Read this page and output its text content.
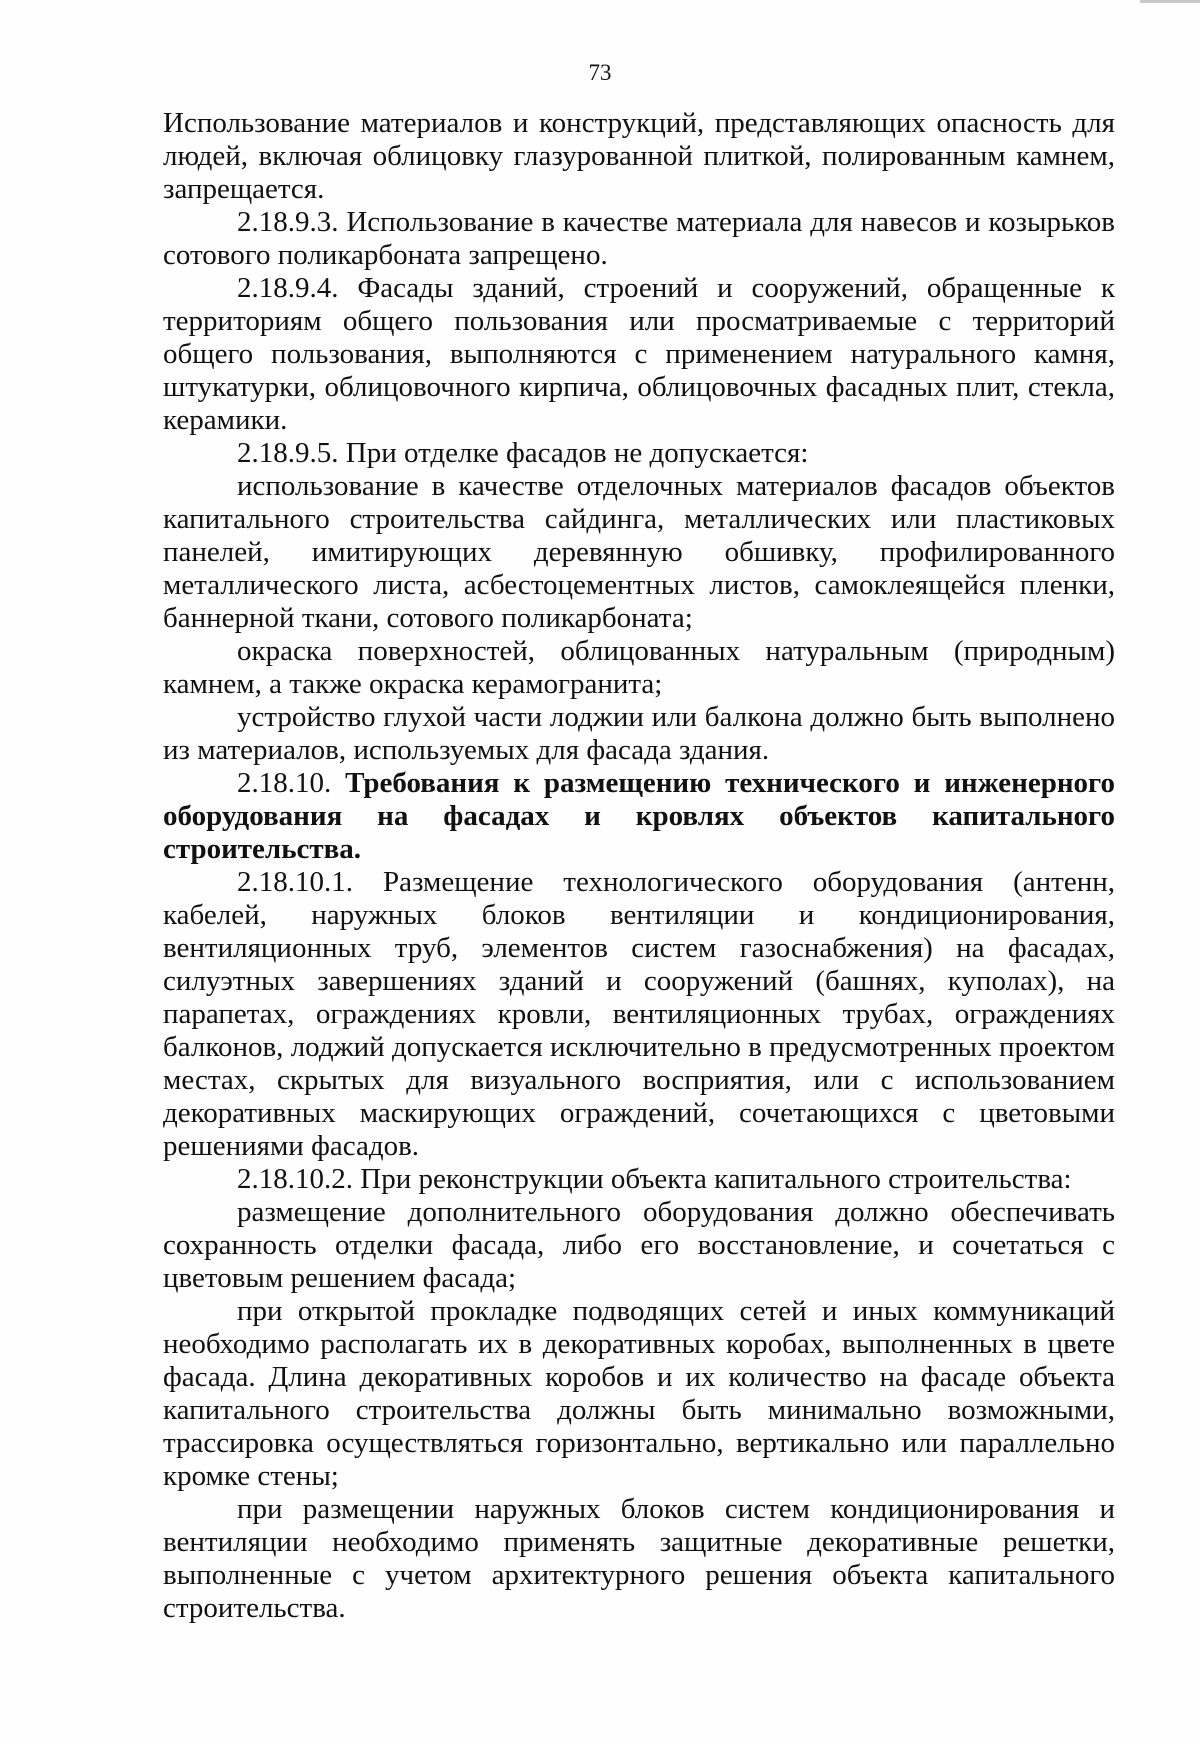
73

Использование материалов и конструкций, представляющих опасность для людей, включая облицовку глазурованной плиткой, полированным камнем, запрещается.

2.18.9.3. Использование в качестве материала для навесов и козырьков сотового поликарбоната запрещено.

2.18.9.4. Фасады зданий, строений и сооружений, обращенные к территориям общего пользования или просматриваемые с территорий общего пользования, выполняются с применением натурального камня, штукатурки, облицовочного кирпича, облицовочных фасадных плит, стекла, керамики.

2.18.9.5. При отделке фасадов не допускается:

использование в качестве отделочных материалов фасадов объектов капитального строительства сайдинга, металлических или пластиковых панелей, имитирующих деревянную обшивку, профилированного металлического листа, асбестоцементных листов, самоклеящейся пленки, баннерной ткани, сотового поликарбоната;

окраска поверхностей, облицованных натуральным (природным) камнем, а также окраска керамогранита;

устройство глухой части лоджии или балкона должно быть выполнено из материалов, используемых для фасада здания.

2.18.10. Требования к размещению технического и инженерного оборудования на фасадах и кровлях объектов капитального строительства.

2.18.10.1. Размещение технологического оборудования (антенн, кабелей, наружных блоков вентиляции и кондиционирования, вентиляционных труб, элементов систем газоснабжения) на фасадах, силуэтных завершениях зданий и сооружений (башнях, куполах), на парапетах, ограждениях кровли, вентиляционных трубах, ограждениях балконов, лоджий допускается исключительно в предусмотренных проектом местах, скрытых для визуального восприятия, или с использованием декоративных маскирующих ограждений, сочетающихся с цветовыми решениями фасадов.

2.18.10.2. При реконструкции объекта капитального строительства:

размещение дополнительного оборудования должно обеспечивать сохранность отделки фасада, либо его восстановление, и сочетаться с цветовым решением фасада;

при открытой прокладке подводящих сетей и иных коммуникаций необходимо располагать их в декоративных коробах, выполненных в цвете фасада. Длина декоративных коробов и их количество на фасаде объекта капитального строительства должны быть минимально возможными, трассировка осуществляться горизонтально, вертикально или параллельно кромке стены;

при размещении наружных блоков систем кондиционирования и вентиляции необходимо применять защитные декоративные решетки, выполненные с учетом архитектурного решения объекта капитального строительства.
